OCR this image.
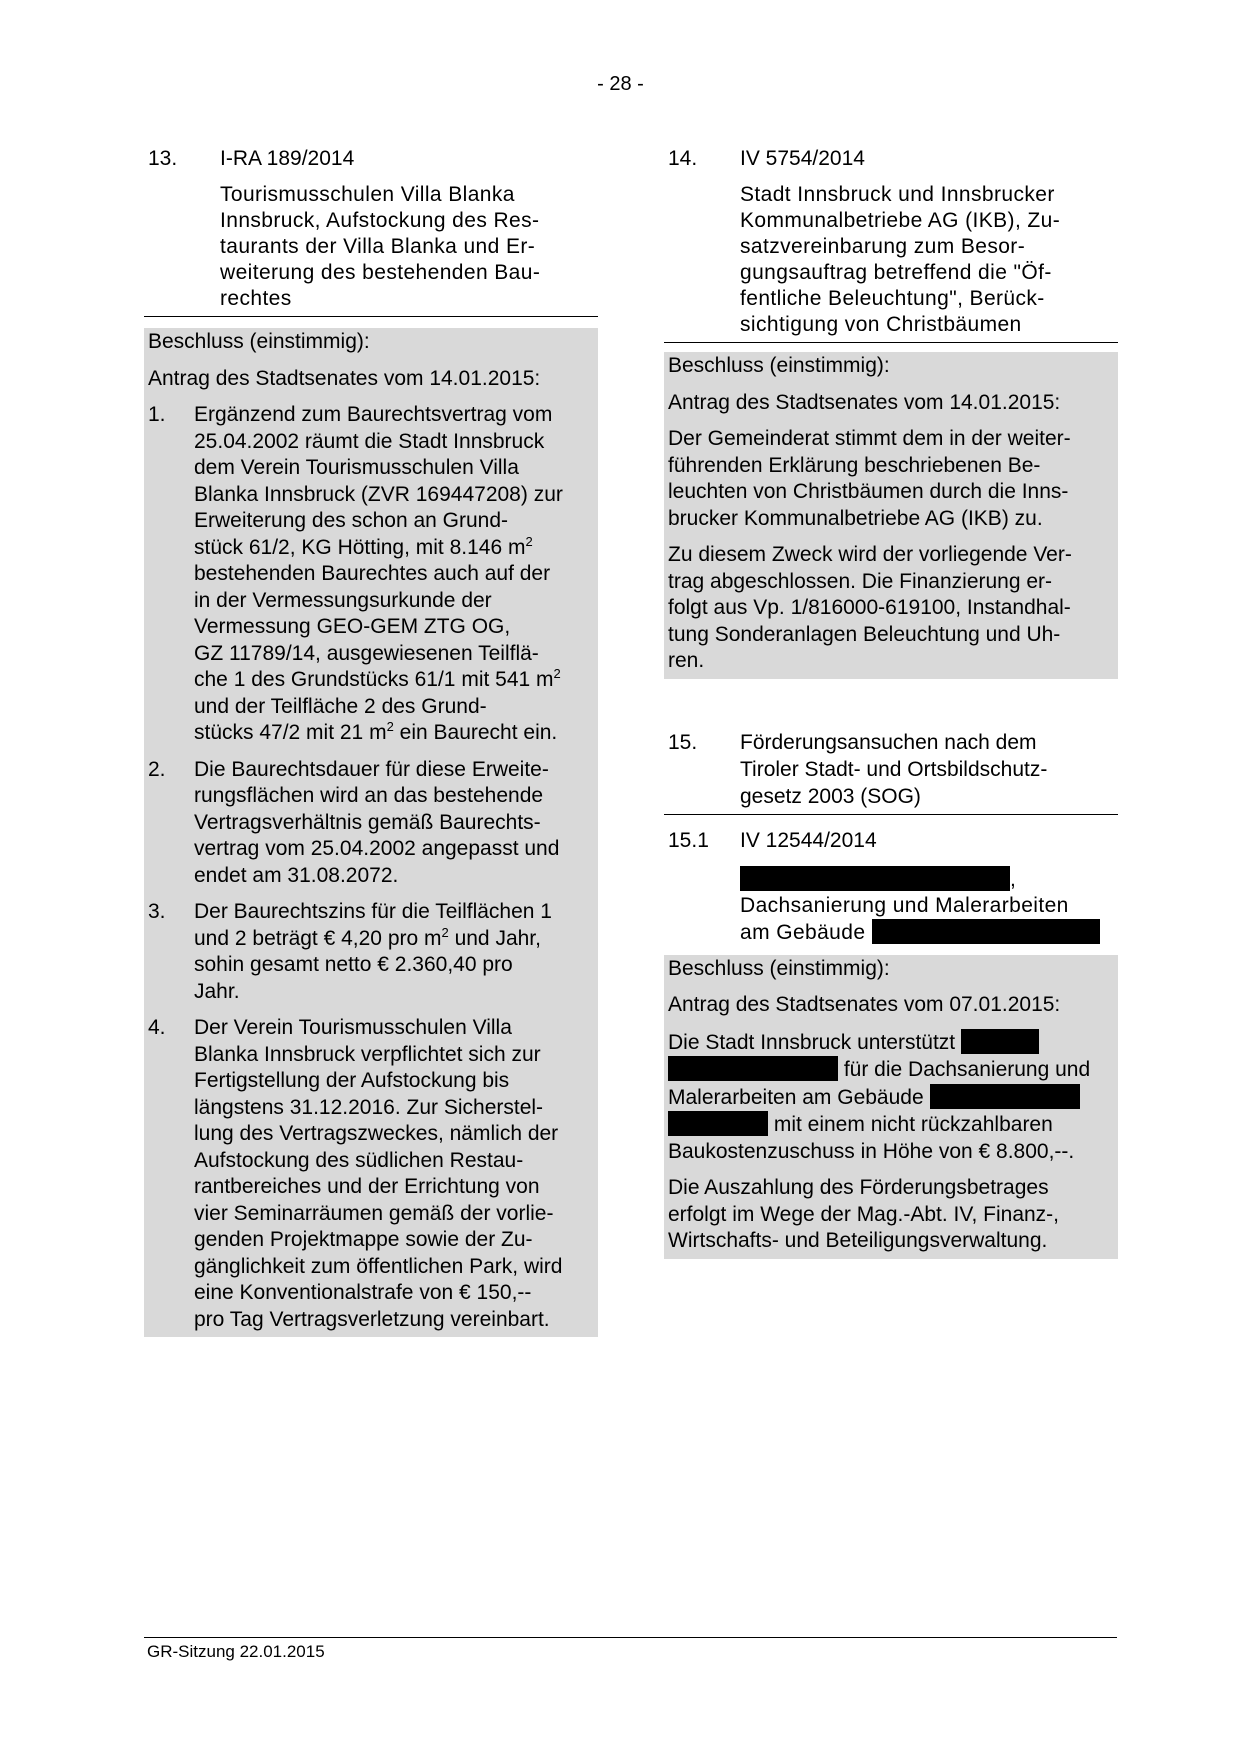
- 28 -
13. I-RA 189/2014
Tourismusschulen Villa Blanka
Innsbruck, Aufstockung des Res-
taurants der Villa Blanka und Er-
weiterung des bestehenden Bau-
rechtes

Beschluss (einstimmig):

Antrag des Stadtsenates vom 14.01.2015:

1. Ergänzend zum Baurechtsvertrag vom
25.04.2002 räumt die Stadt Innsbruck
dem Verein Tourismusschulen Villa
Blanka Innsbruck (ZVR 169447208) zur
Erweiterung des schon an Grund-
stück 61/2, KG Hötting, mit 8.146 $m^2$
bestehenden Baurechtes auch auf der
in der Vermessungsurkunde der
Vermessung GEO-GEM ZTG OG,
GZ 11789/14, ausgewiesenen Teilflä-
che 1 des Grundstücks 61/1 mit 541 $m^2$
und der Teilfläche 2 des Grund-
stücks 47/2 mit 21 $m^2$ ein Baurecht ein.
2. Die Baurechtsdauer für diese Erweite-
rungsflächen wird an das bestehende
Vertragsverhältnis gemäß Baurechts-
vertrag vom 25.04.2002 angepasst und
endet am 31.08.2072.
3. Der Baurechtszins für die Teilflächen 1
und 2 beträgt € 4,20 pro $m^2$ und Jahr,
sohin gesamt netto € 2.360,40 pro
Jahr.
4. Der Verein Tourismusschulen Villa
Blanka Innsbruck verpflichtet sich zur
Fertigstellung der Aufstockung bis
längstens 31.12.2016. Zur Sicherstel-
lung des Vertragszweckes, nämlich der
Aufstockung des südlichen Restau-
rantbereiches und der Errichtung von
vier Seminarräumen gemäß der vorlie-
genden Projektmappe sowie der Zu-
gänglichkeit zum öffentlichen Park, wird
eine Konventionalstrafe von € 150,--
pro Tag Vertragsverletzung vereinbart.
14. IV 5754/2014
Stadt Innsbruck und Innsbrucker
Kommunalbetriebe AG (IKB), Zu-
satzvereinbarung zum Besor-
gungsauftrag betreffend die "Öf-
fentliche Beleuchtung", Berück-
sichtigung von Christbäumen

Beschluss (einstimmig):

Antrag des Stadtsenates vom 14.01.2015:

Der Gemeinderat stimmt dem in der weiter-
führenden Erklärung beschriebenen Be-
leuchten von Christbäumen durch die Inns-
brucker Kommunalbetriebe AG (IKB) zu.
Zu diesem Zweck wird der vorliegende Ver-
trag abgeschlossen. Die Finanzierung er-
folgt aus Vp. 1/816000-619100, Instandhal-
tung Sonderanlagen Beleuchtung und Uh-
ren.
15. Förderungsansuchen nach dem
Tiroler Stadt- und Ortsbildschutz-
gesetz 2003 (SOG)
15.1 IV 12544/2014
,
Dachsanierung und Malerarbeiten
am Gebäude

Beschluss (einstimmig):

Antrag des Stadtsenates vom 07.01.2015:

Die Stadt Innsbruck unterstützt
für die Dachsanierung und
Malerarbeiten am Gebäude
mit einem nicht rückzahlbaren
Baukostenzuschuss in Höhe von € 8.800,--.
Die Auszahlung des Förderungsbetrages
erfolgt im Wege der Mag.-Abt. IV, Finanz-,
Wirtschafts- und Beteiligungsverwaltung.
GR-Sitzung 22.01.2015
